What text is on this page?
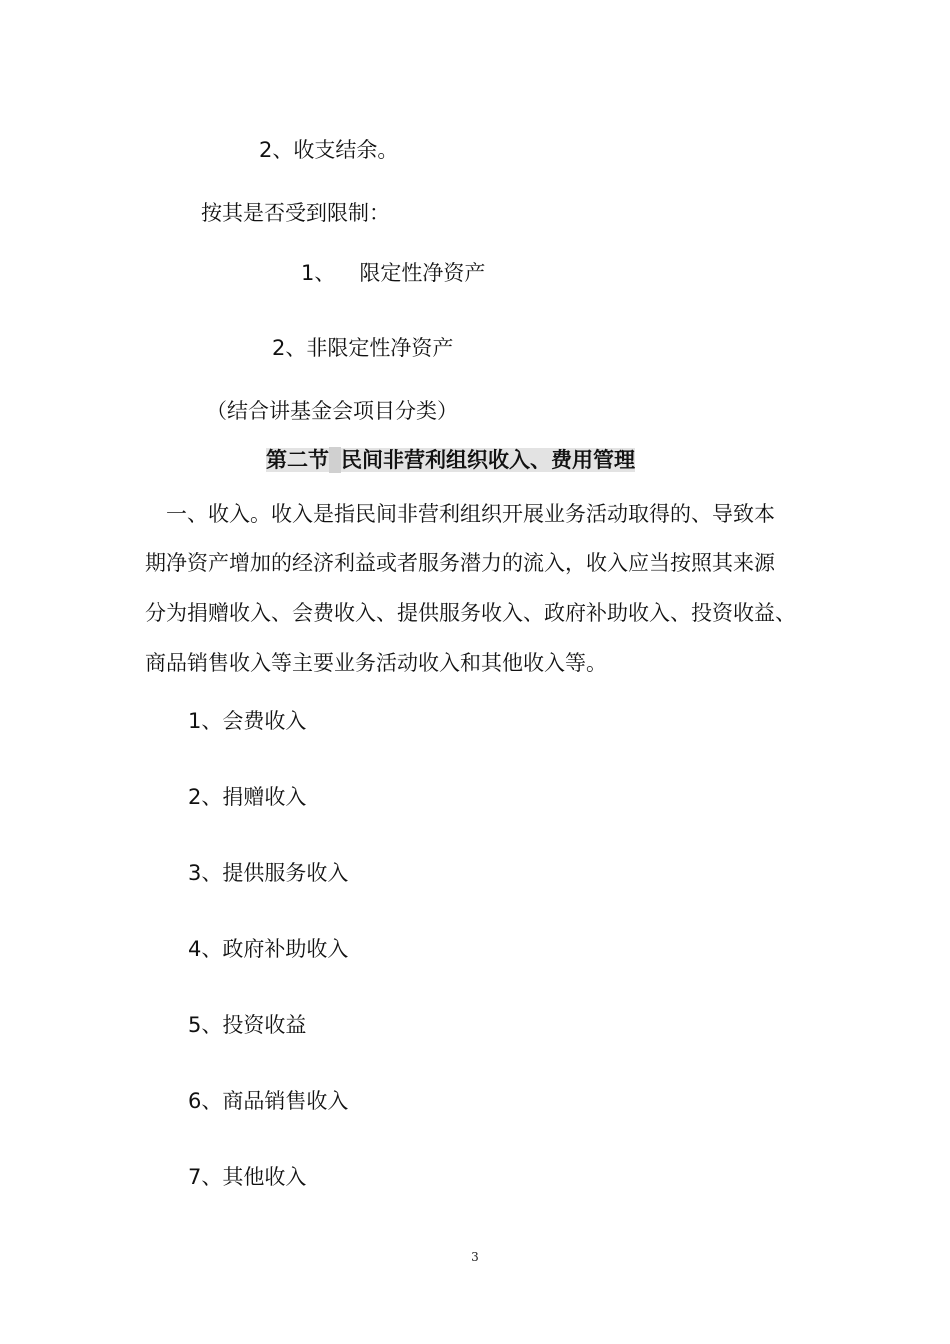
2、收支结余。
按其是否受到限制：
1、 限定性净资产
2、非限定性净资产
（结合讲基金会项目分类）
第二节 民间非营利组织收入、费用管理
一、收入。收入是指民间非营利组织开展业务活动取得的、导致本
期净资产增加的经济利益或者服务潜力的流入，收入应当按照其来源
分为捐赠收入、会费收入、提供服务收入、政府补助收入、投资收益、
商品销售收入等主要业务活动收入和其他收入等。
1、会费收入
2、捐赠收入
3、提供服务收入
4、政府补助收入
5、投资收益
6、商品销售收入
7、其他收入
3
